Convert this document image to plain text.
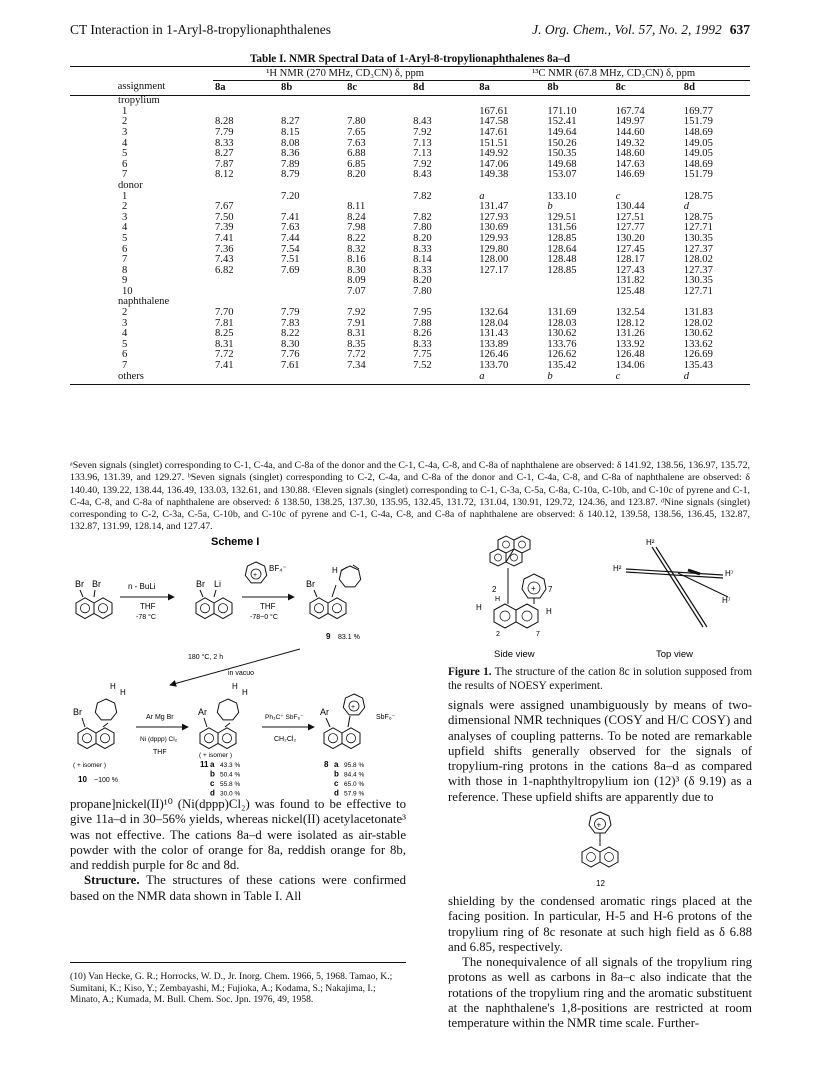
CT Interaction in 1-Aryl-8-tropylionaphthalenes	J. Org. Chem., Vol. 57, No. 2, 1992 637
Table I. NMR Spectral Data of 1-Aryl-8-tropylionaphthalenes 8a–d
	¹H NMR (270 MHz, CD₃CN) δ, ppm				¹³C NMR (67.8 MHz, CD₃CN) δ, ppm			
assignment	8a	8b	8c	8d	8a	8b	8c	8d
tropylium								
1					167.61	171.10	167.74	169.77
2	8.28	8.27	7.80	8.43	147.58	152.41	149.97	151.79
3	7.79	8.15	7.65	7.92	147.61	149.64	144.60	148.69
4	8.33	8.08	7.63	7.13	151.51	150.26	149.32	149.05
5	8.27	8.36	6.88	7.13	149.92	150.35	148.60	149.05
6	7.87	7.89	6.85	7.92	147.06	149.68	147.63	148.69
7	8.12	8.79	8.20	8.43	149.38	153.07	146.69	151.79
donor								
1		7.20		7.82	a	133.10	c	128.75
2	7.67		8.11		131.47	b	130.44	d
3	7.50	7.41	8.24	7.82	127.93	129.51	127.51	128.75
4	7.39	7.63	7.98	7.80	130.69	131.56	127.77	127.71
5	7.41	7.44	8.22	8.20	129.93	128.85	130.20	130.35
6	7.36	7.54	8.32	8.33	129.80	128.64	127.45	127.37
7	7.43	7.51	8.16	8.14	128.00	128.48	128.17	128.02
8	6.82	7.69	8.30	8.33	127.17	128.85	127.43	127.37
9			8.09	8.20			131.82	130.35
10			7.07	7.80			125.48	127.71
naphthalene								
2	7.70	7.79	7.92	7.95	132.64	131.69	132.54	131.83
3	7.81	7.83	7.91	7.88	128.04	128.03	128.12	128.02
4	8.25	8.22	8.31	8.26	131.43	130.62	131.26	130.62
5	8.31	8.30	8.35	8.33	133.89	133.76	133.92	133.62
6	7.72	7.76	7.72	7.75	126.46	126.62	126.48	126.69
7	7.41	7.61	7.34	7.52	133.70	135.42	134.06	135.43
others					a	b	c	d
ᵃSeven signals (singlet) corresponding to C-1, C-4a, and C-8a of the donor and the C-1, C-4a, C-8, and C-8a of naphthalene are observed: δ 141.92, 138.56, 136.97, 135.72, 133.96, 131.39, and 129.27. ᵇSeven signals (singlet) corresponding to C-2, C-4a, and C-8a of the donor and C-1, C-4a, C-8, and C-8a of naphthalene are observed: δ 140.40, 139.22, 138.44, 136.49, 133.03, 132.61, and 130.88. ᶜEleven signals (singlet) corresponding to C-1, C-3a, C-5a, C-8a, C-10a, C-10b, and C-10c of pyrene and C-1, C-4a, C-8, and C-8a of naphthalene are observed: δ 138.50, 138.25, 137.30, 135.95, 132.45, 131.72, 131.04, 130.91, 129.72, 124.36, and 123.87. ᵈNine signals (singlet) corresponding to C-2, C-3a, C-5a, C-10b, and C-10c of pyrene and C-1, C-4a, C-8, and C-8a of naphthalene are observed: δ 140.12, 139.58, 138.56, 136.45, 132.87, 132.87, 131.99, 128.14, and 127.47.
Scheme I
Br Br	n - BuLi
THF
-78 °C
Br Li
+
BF₄⁻
THF
-78~0 °C
Br
H
9 83.1 %
180 °C, 2 h
in vacuo
Br
H
H
( + isomer )
10 ~100 %
Ar Mg Br
Ni (dppp) Cl₂
THF
Ar
H
H
( + isomer )
Ph₃C⁺ SbF₆⁻
CH₂Cl₂
Ar	+
SbF₆⁻
11 a 43.3 %
b 50.4 %
c 55.8 %
d 30.0 %
8 a 95.8 %
b 84.4 %
c 65.0 %
d 57.9 %
+
2
H
7
H	H
2	7
Side view
H²
H²
H⁷
H⁷
Top view
Figure 1. The structure of the cation 8c in solution supposed from the results of NOESY experiment.

propane]nickel(II)¹⁰ (Ni(dppp)Cl₂) was found to be effective to give 11a–d in 30–56% yields, whereas nickel(II) acetylacetonate³ was not effective. The cations 8a–d were isolated as air-stable powder with the color of orange for 8a, reddish orange for 8b, and reddish purple for 8c and 8d.

Structure. The structures of these cations were confirmed based on the NMR data shown in Table I. All

(10) Van Hecke, G. R.; Horrocks, W. D., Jr. Inorg. Chem. 1966, 5, 1968. Tamao, K.; Sumitani, K.; Kiso, Y.; Zembayashi, M.; Fujioka, A.; Kodama, S.; Nakajima, I.; Minato, A.; Kumada, M. Bull. Chem. Soc. Jpn. 1976, 49, 1958.

signals were assigned unambiguously by means of two-dimensional NMR techniques (COSY and H/C COSY) and analyses of coupling patterns. To be noted are remarkable upfield shifts generally observed for the signals of tropylium-ring protons in the cations 8a–d as compared with those in 1-naphthyltropylium ion (12)³ (δ 9.19) as a reference. These upfield shifts are apparently due to

+
12

shielding by the condensed aromatic rings placed at the facing position. In particular, H-5 and H-6 protons of the tropylium ring of 8c resonate at such high field as δ 6.88 and 6.85, respectively.

The nonequivalence of all signals of the tropylium ring protons as well as carbons in 8a–c also indicate that the rotations of the tropylium ring and the aromatic substituent at the naphthalene's 1,8-positions are restricted at room temperature within the NMR time scale. Further-
